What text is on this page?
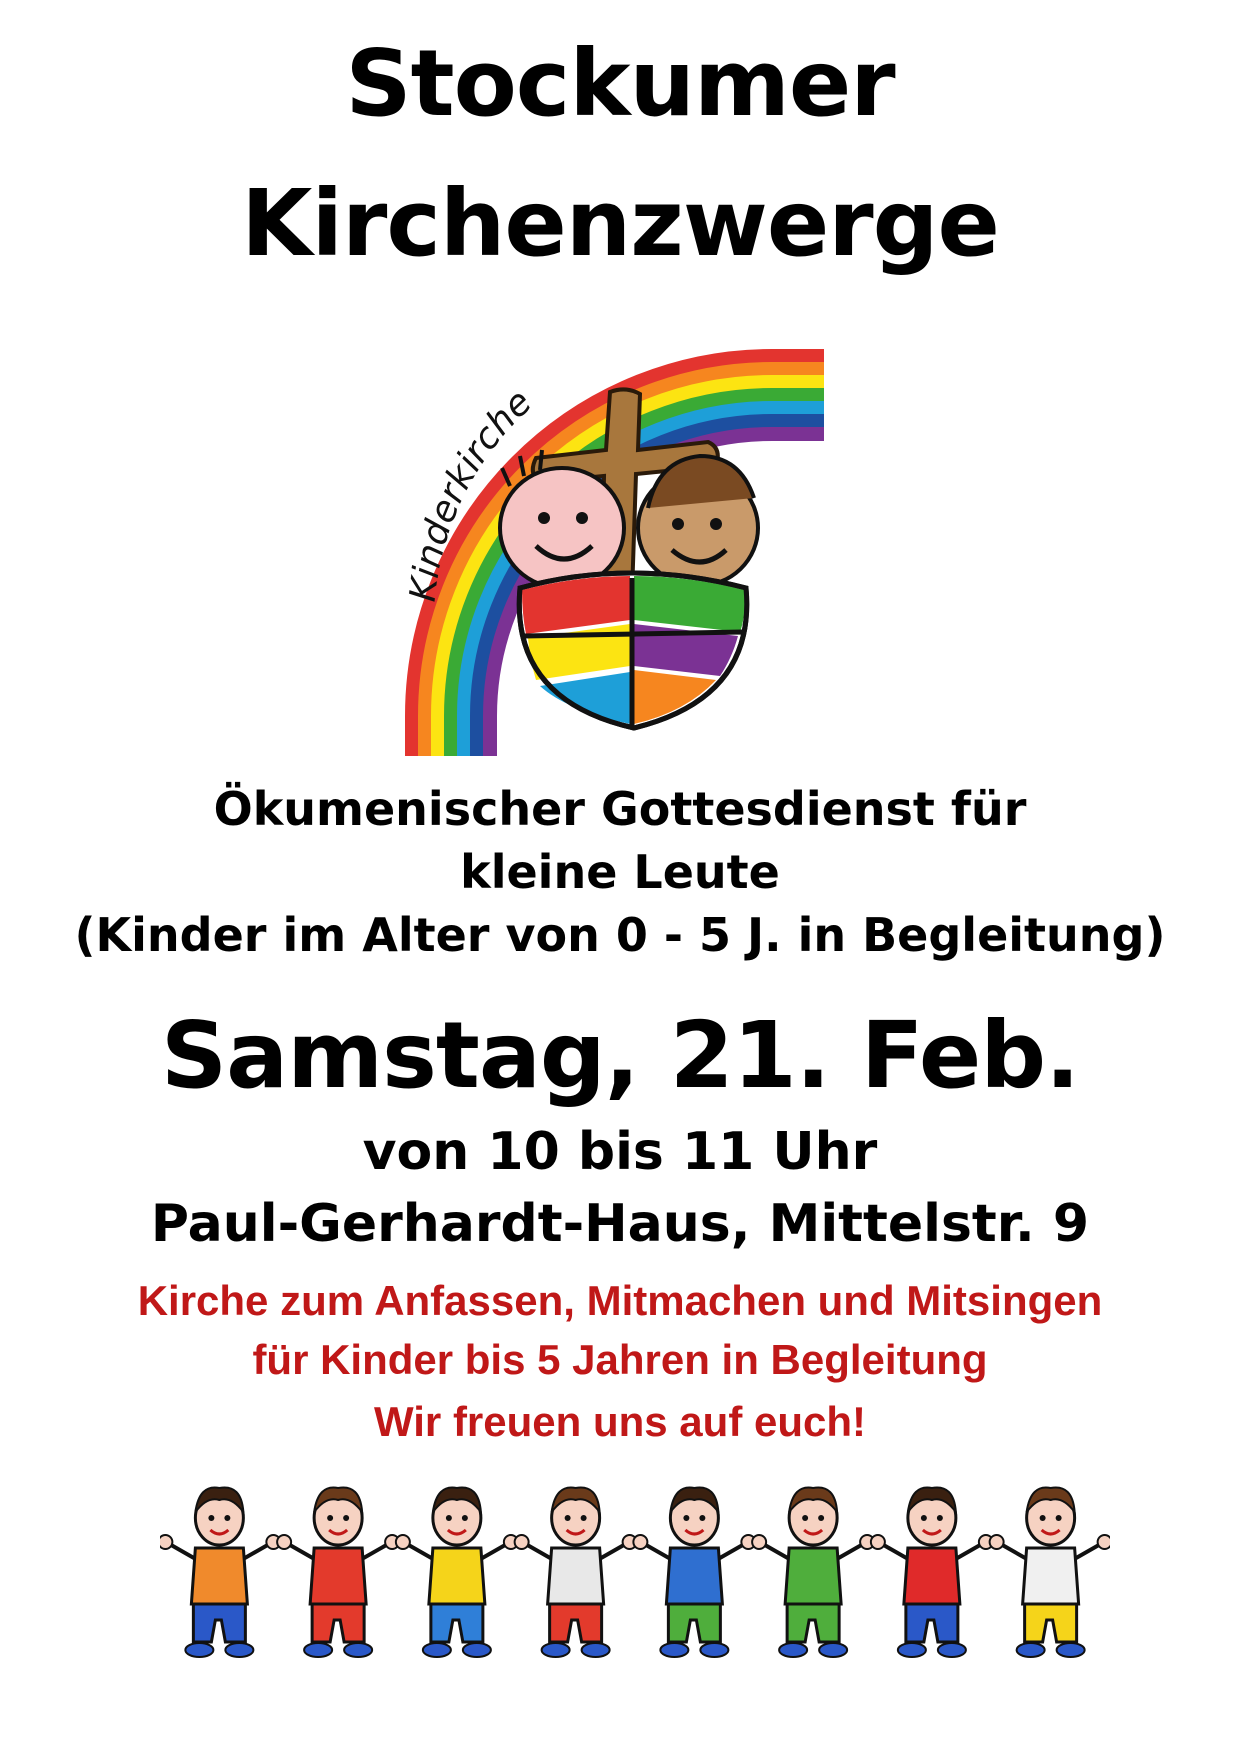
Stockumer
Kirchenzwerge
Kinderkirche
Ökumenischer Gottesdienst für
kleine Leute
(Kinder im Alter von 0 - 5 J. in Begleitung)
Samstag, 21. Feb.
von 10 bis 11 Uhr
Paul-Gerhardt-Haus, Mittelstr. 9
Kirche zum Anfassen, Mitmachen und Mitsingen
für Kinder bis 5 Jahren in Begleitung
Wir freuen uns auf euch!
